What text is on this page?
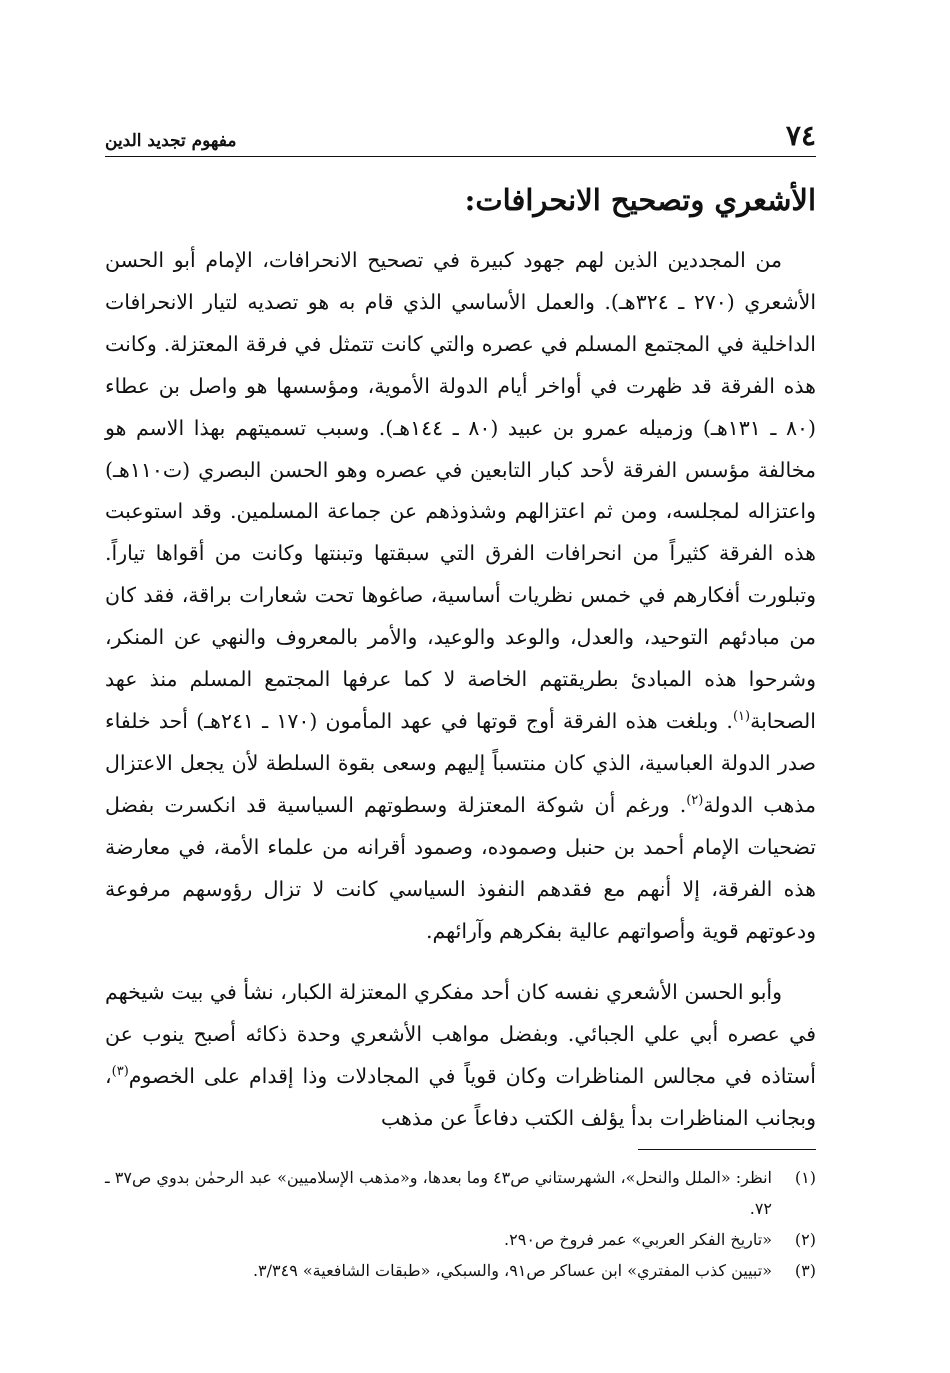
٧٤
مفهوم تجديد الدين
الأشعري وتصحيح الانحرافات:

من المجددين الذين لهم جهود كبيرة في تصحيح الانحرافات، الإمام أبو الحسن الأشعري (٢٧٠ ـ ٣٢٤هـ). والعمل الأساسي الذي قام به هو تصديه لتيار الانحرافات الداخلية في المجتمع المسلم في عصره والتي كانت تتمثل في فرقة المعتزلة. وكانت هذه الفرقة قد ظهرت في أواخر أيام الدولة الأموية، ومؤسسها هو واصل بن عطاء (٨٠ ـ ١٣١هـ) وزميله عمرو بن عبيد (٨٠ ـ ١٤٤هـ). وسبب تسميتهم بهذا الاسم هو مخالفة مؤسس الفرقة لأحد كبار التابعين في عصره وهو الحسن البصري (ت١١٠هـ) واعتزاله لمجلسه، ومن ثم اعتزالهم وشذوذهم عن جماعة المسلمين. وقد استوعبت هذه الفرقة كثيراً من انحرافات الفرق التي سبقتها وتبنتها وكانت من أقواها تياراً. وتبلورت أفكارهم في خمس نظريات أساسية، صاغوها تحت شعارات براقة، فقد كان من مبادئهم التوحيد، والعدل، والوعد والوعيد، والأمر بالمعروف والنهي عن المنكر، وشرحوا هذه المبادئ بطريقتهم الخاصة لا كما عرفها المجتمع المسلم منذ عهد الصحابة$^{(١)}$. وبلغت هذه الفرقة أوج قوتها في عهد المأمون (١٧٠ ـ ٢٤١هـ) أحد خلفاء صدر الدولة العباسية، الذي كان منتسباً إليهم وسعى بقوة السلطة لأن يجعل الاعتزال مذهب الدولة$^{(٢)}$. ورغم أن شوكة المعتزلة وسطوتهم السياسية قد انكسرت بفضل تضحيات الإمام أحمد بن حنبل وصموده، وصمود أقرانه من علماء الأمة، في معارضة هذه الفرقة، إلا أنهم مع فقدهم النفوذ السياسي كانت لا تزال رؤوسهم مرفوعة ودعوتهم قوية وأصواتهم عالية بفكرهم وآرائهم.

وأبو الحسن الأشعري نفسه كان أحد مفكري المعتزلة الكبار، نشأ في بيت شيخهم في عصره أبي علي الجبائي. وبفضل مواهب الأشعري وحدة ذكائه أصبح ينوب عن أستاذه في مجالس المناظرات وكان قوياً في المجادلات وذا إقدام على الخصوم$^{(٣)}$، وبجانب المناظرات بدأ يؤلف الكتب دفاعاً عن مذهب

(١)
انظر: «الملل والنحل»، الشهرستاني ص٤٣ وما بعدها، و«مذهب الإسلاميين» عبد الرحمٰن بدوي ص٣٧ ـ ٧٢.

(٢)
«تاريخ الفكر العربي» عمر فروخ ص٢٩٠.

(٣)
«تبيين كذب المفتري» ابن عساكر ص٩١، والسبكي، «طبقات الشافعية» ٣/٣٤٩.
